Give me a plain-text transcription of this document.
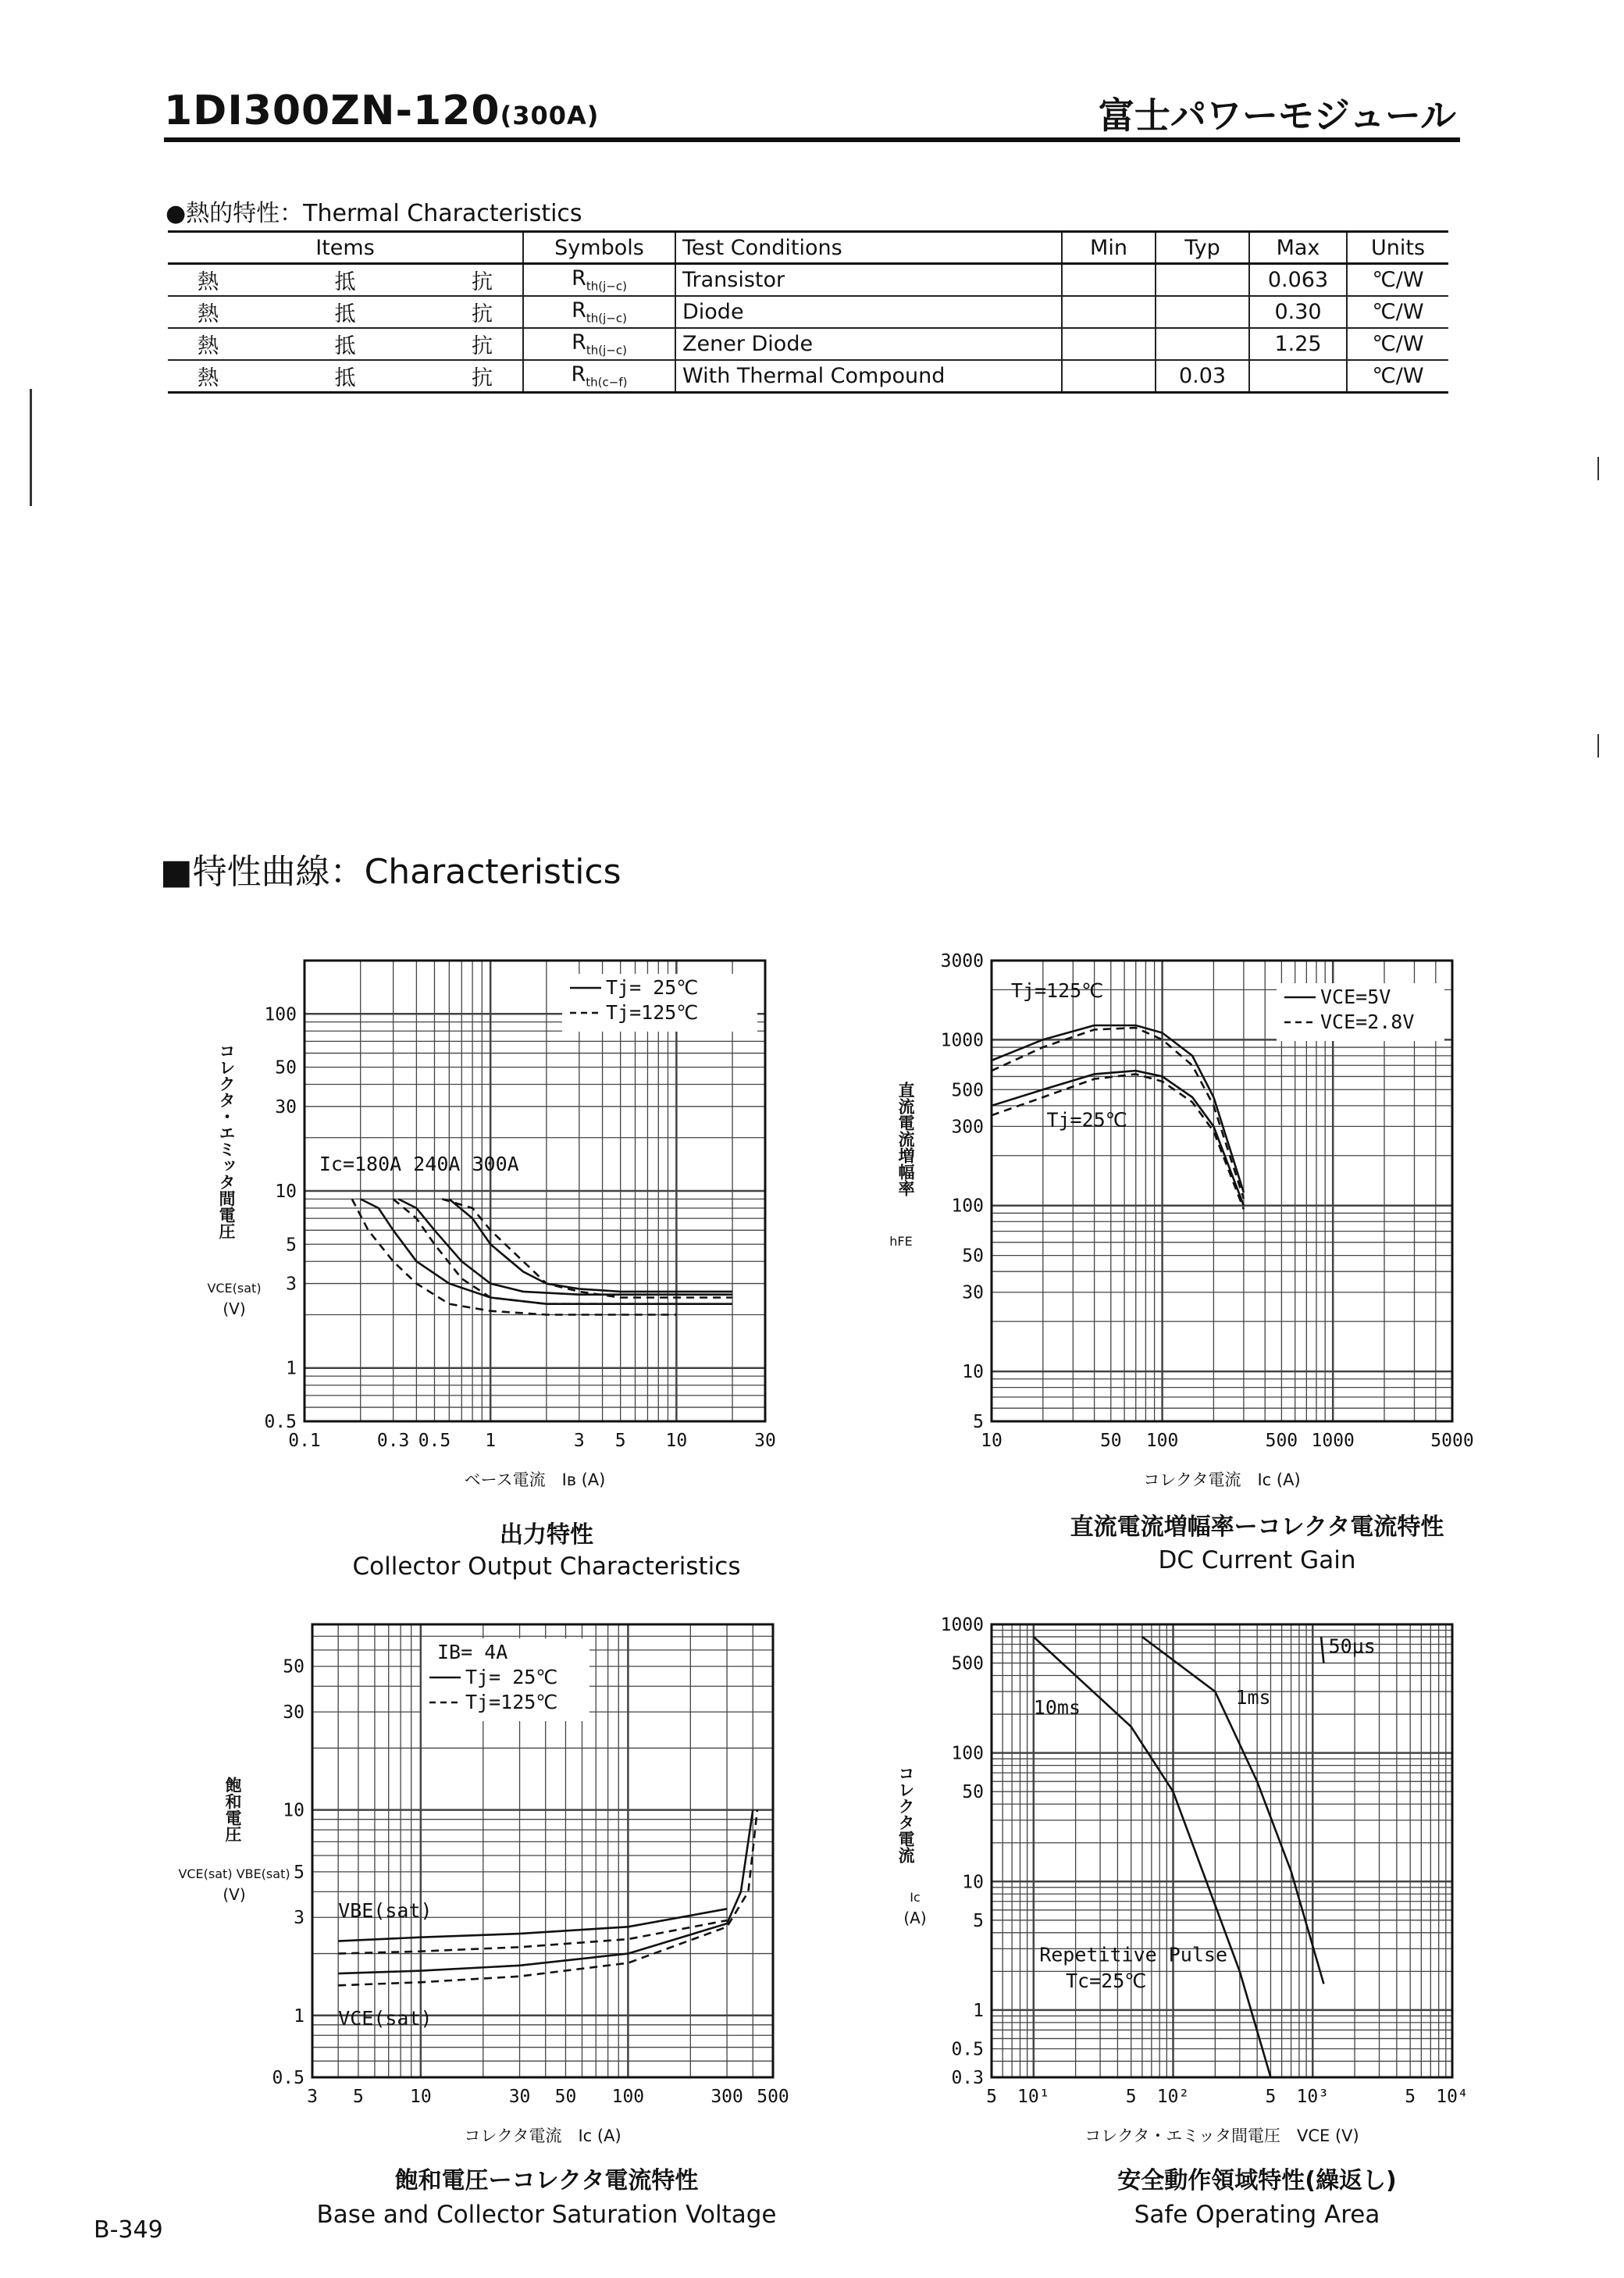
1DI300ZN-120(300A)	富士パワーモジュール
●熱的特性：Thermal Characteristics
Items	Symbols	Test Conditions	Min	Typ	Max	Units

熱 抵 抗	$R_{th(j-c)}$	Transistor			0.063	℃/W

熱 抵 抗	$R_{th(j-c)}$	Diode			0.30	℃/W

熱 抵 抗	$R_{th(j-c)}$	Zener Diode			1.25	℃/W

熱 抵 抗	$R_{th(c-f)}$	With Thermal Compound		0.03		℃/W
■特性曲線：Characteristics
0.1	0.3 0.5 1	3 5 10	30
0.5
1
3
5
10
30
50
100
Ic=180A 240A 300A
Tj= 25℃
Tj=125℃
ベース電流　Iʙ (A)
コレクタ・エミッタ間電圧
VCE(sat)
(V)
10	50 100	500 1000	5000
5
10
30
50
100
300
500
1000
3000
Tj=125℃
Tj=25℃
VCE=5V
VCE=2.8V
コレクタ電流　Ic (A)
直流電流増幅率
hFE
3 5	10	30 50 100	300 500
0.5
1
3
5
10
30
50
VBE(sat)
VCE(sat)
IB= 4A
Tj= 25℃
Tj=125℃
コレクタ電流　Ic (A)
飽和電圧
VCE(sat) VBE(sat)
(V)
5 10¹	5 10²	5 10³	5 10⁴
0.3
0.5
1
5
10
50
100
500
1000
50μs
1ms
10ms
Repetitive Pulse
Tc=25℃
コレクタ・エミッタ間電圧　VCE (V)
コレクタ電流
Ic
(A)
出力特性
Collector Output Characteristics
直流電流増幅率ーコレクタ電流特性
DC Current Gain
飽和電圧ーコレクタ電流特性
Base and Collector Saturation Voltage
安全動作領域特性(繰返し)
Safe Operating Area
B-349
